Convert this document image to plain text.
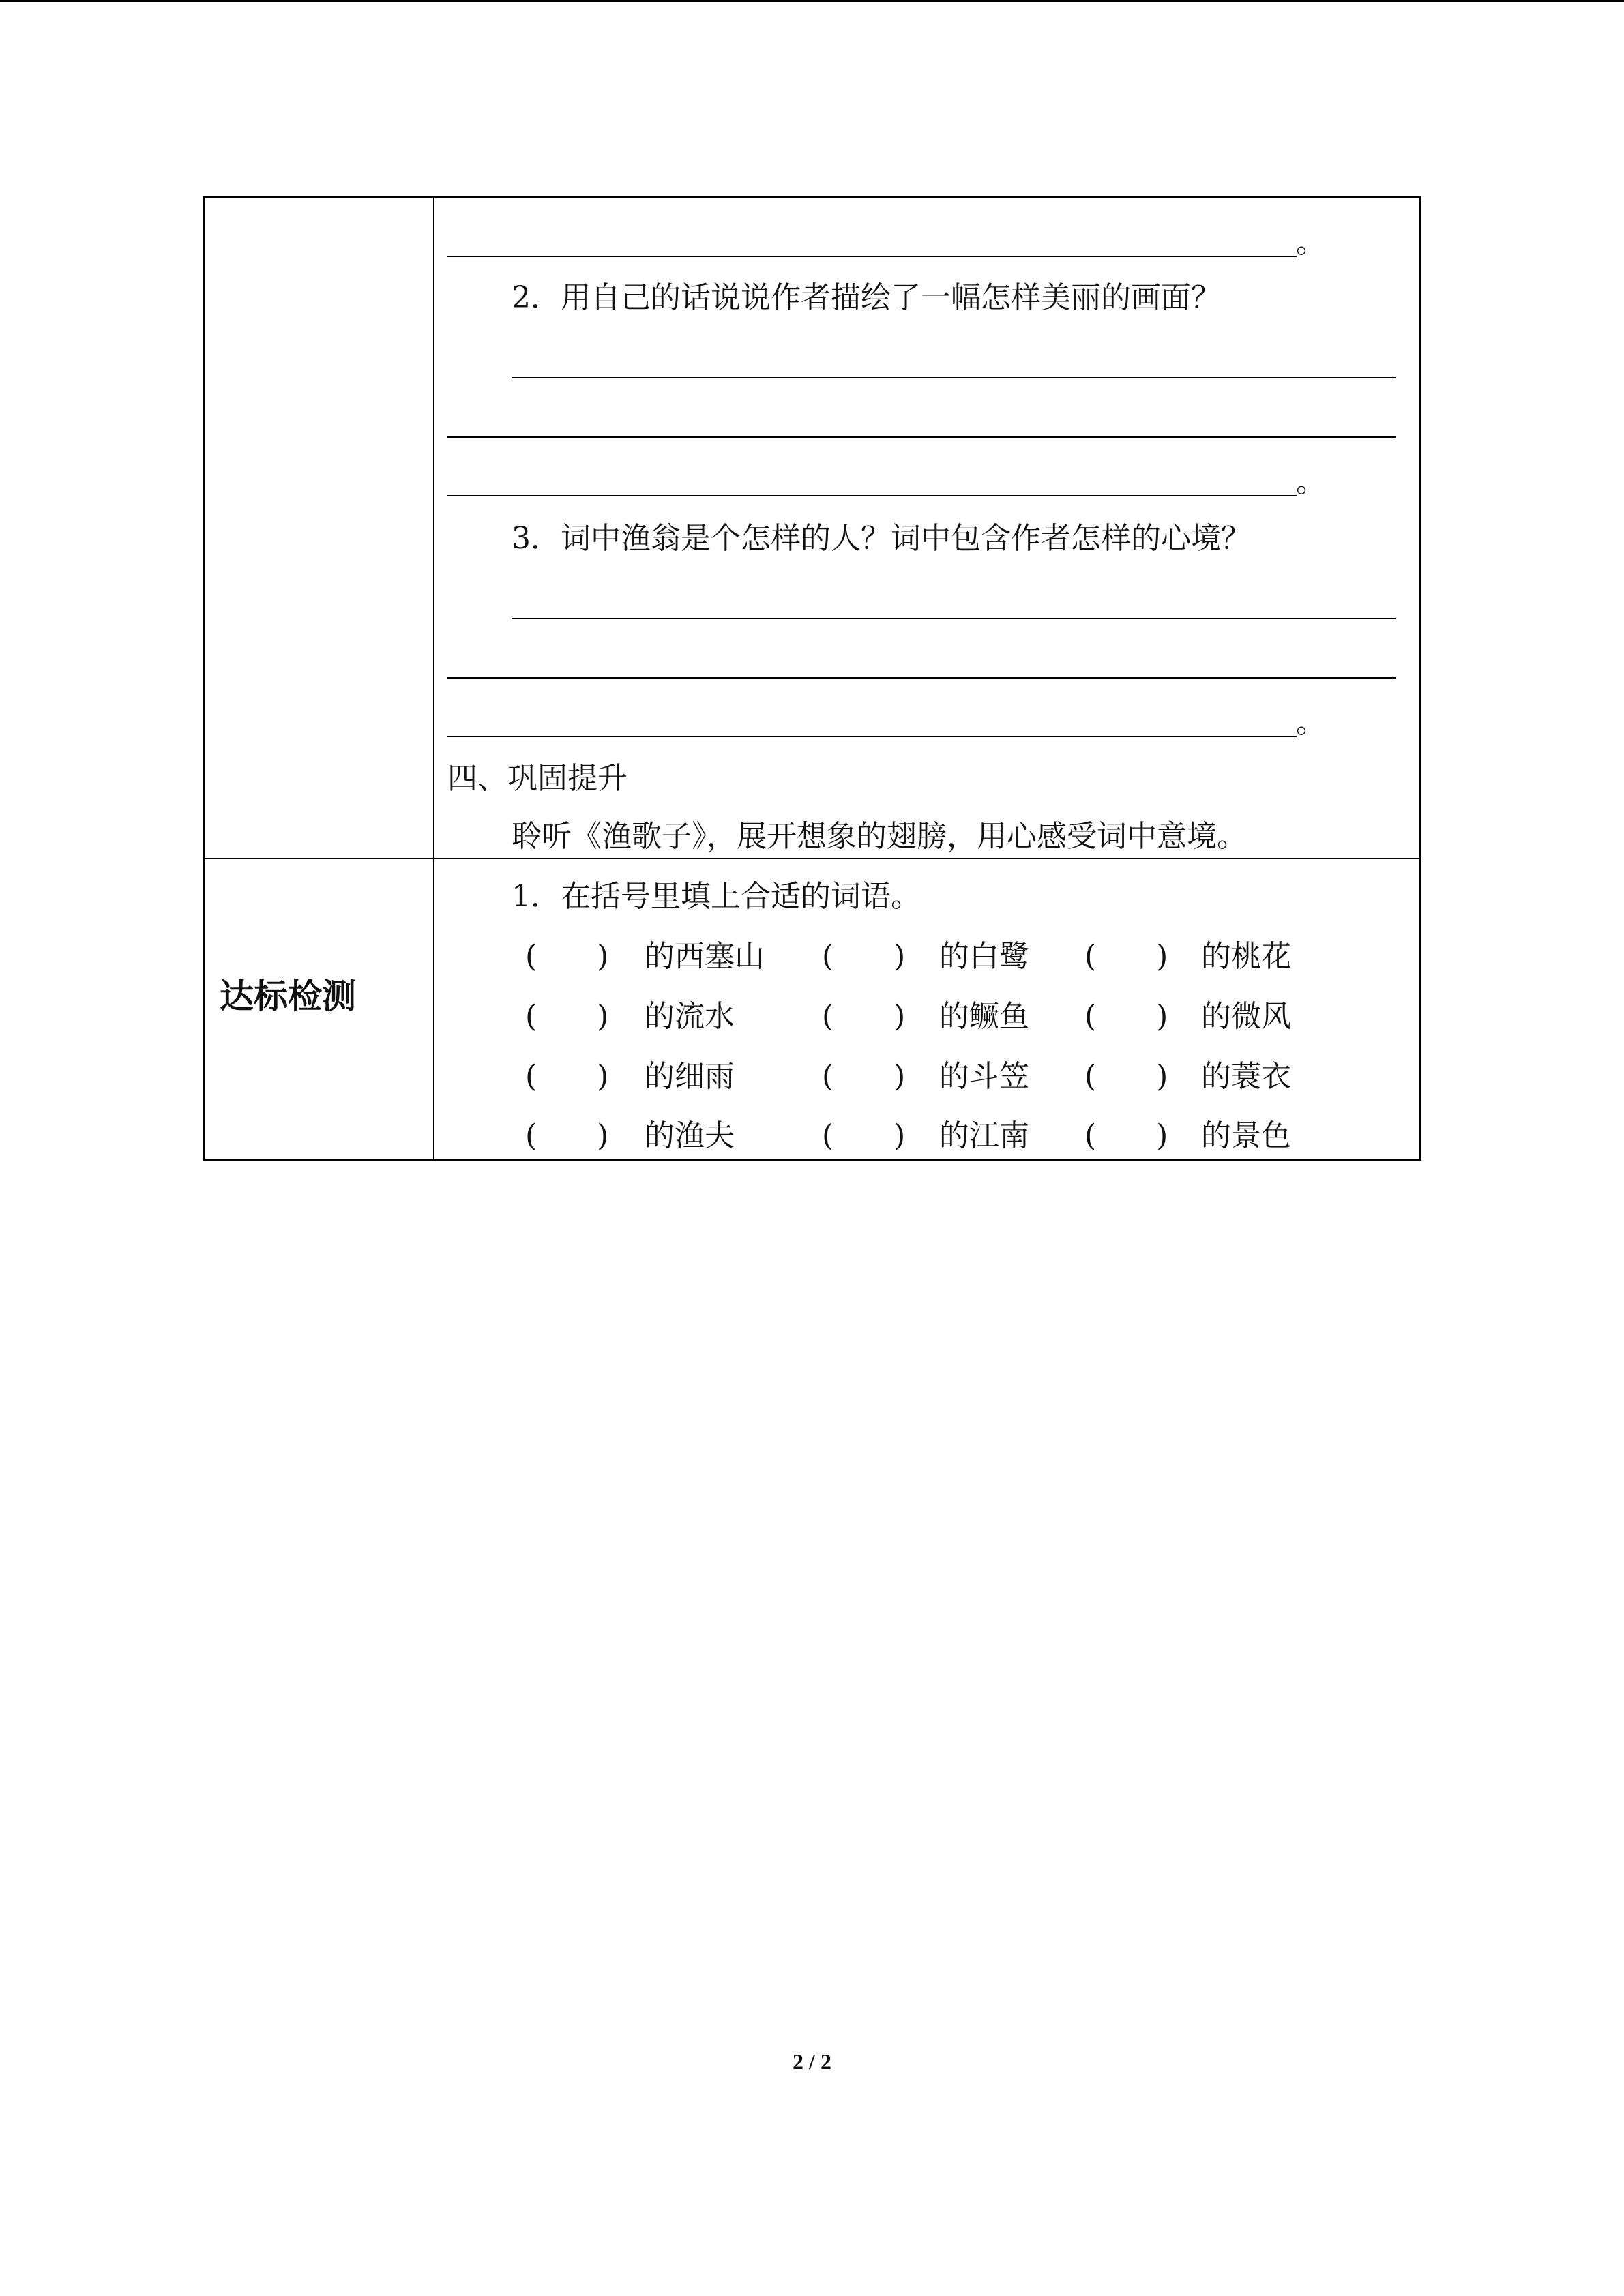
。
2．用自己的话说说作者描绘了一幅怎样美丽的画面？
。
3．词中渔翁是个怎样的人？词中包含作者怎样的心境？
。
四、巩固提升
聆听《渔歌子》，展开想象的翅膀，用心感受词中意境。
达标检测
1．在括号里填上合适的词语。
(　　) 的西塞山 (　　) 的白鹭 (　　) 的桃花
(　　) 的流水	(　　) 的鳜鱼 (　　) 的微风
(　　) 的细雨	(　　) 的斗笠 (　　) 的蓑衣
(　　) 的渔夫	(　　) 的江南 (　　) 的景色
2 / 2
